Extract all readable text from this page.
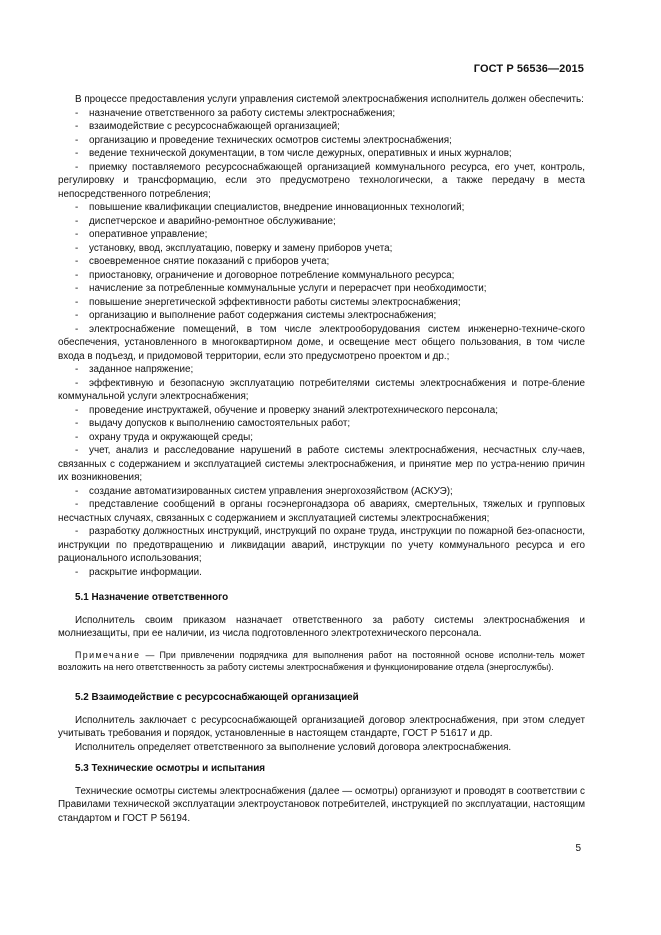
ГОСТ Р 56536—2015

В процессе предоставления услуги управления системой электроснабжения исполнитель должен обеспечить:

- назначение ответственного за работу системы электроснабжения;

- взаимодействие с ресурсоснабжающей организацией;

- организацию и проведение технических осмотров системы электроснабжения;

- ведение технической документации, в том числе дежурных, оперативных и иных журналов;

- приемку поставляемого ресурсоснабжающей организацией коммунального ресурса, его учет, контроль, регулировку и трансформацию, если это предусмотрено технологически, а также передачу в места непосредственного потребления;

- повышение квалификации специалистов, внедрение инновационных технологий;

- диспетчерское и аварийно-ремонтное обслуживание;

- оперативное управление;

- установку, ввод, эксплуатацию, поверку и замену приборов учета;

- своевременное снятие показаний с приборов учета;

- приостановку, ограничение и договорное потребление коммунального ресурса;

- начисление за потребленные коммунальные услуги и перерасчет при необходимости;

- повышение энергетической эффективности работы системы электроснабжения;

- организацию и выполнение работ содержания системы электроснабжения;

- электроснабжение помещений, в том числе электрооборудования систем инженерно-техниче-ского обеспечения, установленного в многоквартирном доме, и освещение мест общего пользования, в том числе входа в подъезд, и придомовой территории, если это предусмотрено проектом и др.;

- заданное напряжение;

- эффективную и безопасную эксплуатацию потребителями системы электроснабжения и потре-бление коммунальной услуги электроснабжения;

- проведение инструктажей, обучение и проверку знаний электротехнического персонала;

- выдачу допусков к выполнению самостоятельных работ;

- охрану труда и окружающей среды;

- учет, анализ и расследование нарушений в работе системы электроснабжения, несчастных слу-чаев, связанных с содержанием и эксплуатацией системы электроснабжения, и принятие мер по устра-нению причин их возникновения;

- создание автоматизированных систем управления энергохозяйством (АСКУЭ);

- представление сообщений в органы госэнергонадзора об авариях, смертельных, тяжелых и групповых несчастных случаях, связанных с содержанием и эксплуатацией системы электроснабжения;

- разработку должностных инструкций, инструкций по охране труда, инструкции по пожарной без-опасности, инструкции по предотвращению и ликвидации аварий, инструкции по учету коммунального ресурса и его рационального использования;

- раскрытие информации.

5.1 Назначение ответственного

Исполнитель своим приказом назначает ответственного за работу системы электроснабжения и молниезащиты, при ее наличии, из числа подготовленного электротехнического персонала.

Примечание — При привлечении подрядчика для выполнения работ на постоянной основе исполни-тель может возложить на него ответственность за работу системы электроснабжения и функционирование отдела (энергослужбы).

5.2 Взаимодействие с ресурсоснабжающей организацией

Исполнитель заключает с ресурсоснабжающей организацией договор электроснабжения, при этом следует учитывать требования и порядок, установленные в настоящем стандарте, ГОСТ Р 51617 и др.

Исполнитель определяет ответственного за выполнение условий договора электроснабжения.

5.3 Технические осмотры и испытания

Технические осмотры системы электроснабжения (далее — осмотры) организуют и проводят в соответствии с Правилами технической эксплуатации электроустановок потребителей, инструкцией по эксплуатации, настоящим стандартом и ГОСТ Р 56194.

5
